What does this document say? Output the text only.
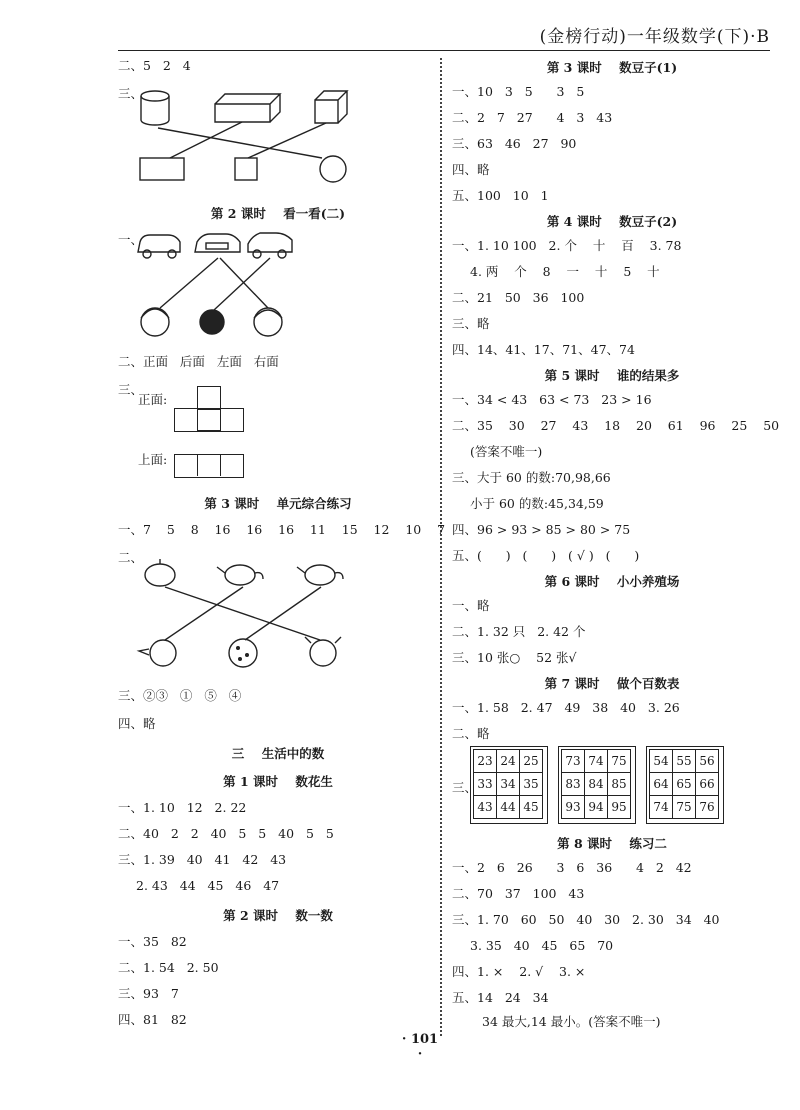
(金榜行动)一年级数学(下)·B
二、5   2   4
三、
第 2 课时    看一看(二)
一、
二、正面   后面   左面   右面
三、
正面:
上面:
第 3 课时    单元综合练习
一、7    5    8    16    16    16    11    15    12    10    7
二、
三、②③   ①   ⑤   ④
四、略
三    生活中的数
第 1 课时    数花生
一、1. 10   12   2. 22
二、40   2   2   40   5   5   40   5   5
三、1. 39   40   41   42   43
2. 43   44   45   46   47
第 2 课时    数一数
一、35   82
二、1. 54   2. 50
三、93   7
四、81   82
第 3 课时    数豆子(1)
一、10   3   5      3   5
二、2   7   27      4   3   43
三、63   46   27   90
四、略
五、100   10   1
第 4 课时    数豆子(2)
一、1. 10 100   2. 个    十    百    3. 78
4. 两    个    8    一    十    5    十
二、21   50   36   100
三、略
四、14、41、17、71、47、74
第 5 课时    谁的结果多
一、34 < 43   63 < 73   23 > 16
二、35    30    27    43    18    20    61    96    25    50
(答案不唯一)
三、大于 60 的数:70,98,66
小于 60 的数:45,34,59
四、96 > 93 > 85 > 80 > 75
五、(      )   (      )   ( √ )   (      )
第 6 课时    小小养殖场
一、略
二、1. 32 只   2. 42 个
三、10 张○    52 张√
第 7 课时    做个百数表
一、1. 58   2. 47   49   38   40   3. 26
二、略
三、
23	24	25
33	34	35
43	44	45
73	74	75
83	84	85
93	94	95
54	55	56
64	65	66
74	75	76
第 8 课时    练习二
一、2   6   26      3   6   36      4   2   42
二、70   37   100   43
三、1. 70   60   50   40   30   2. 30   34   40
3. 35   40   45   65   70
四、1. ×    2. √    3. ×
五、14   24   34
34 最大,14 最小。(答案不唯一)
· 101 ·
